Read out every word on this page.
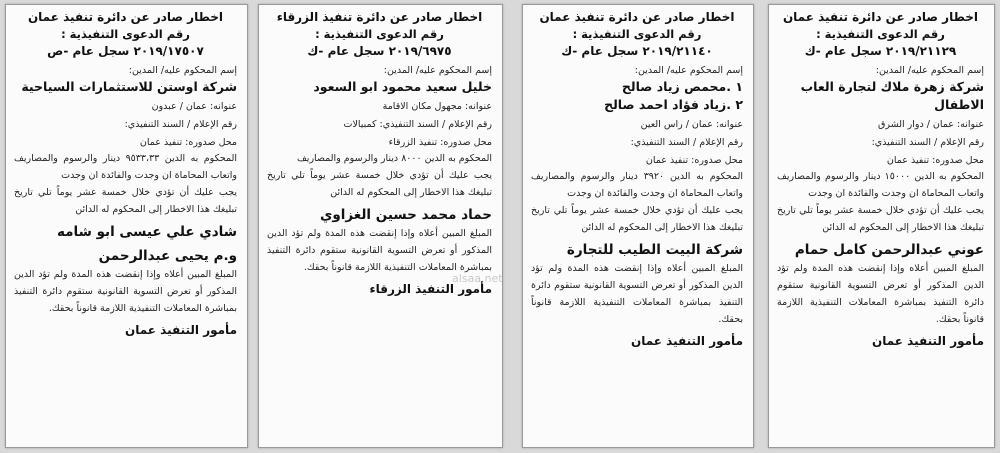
اخطار صادر عن دائرة تنفيذ عمان
رقم الدعوى التنفيذية :
٢٠١٩/٢١١٢٩ سجل عام -ك
إسم المحكوم عليه/ المدين:
شركة زهرة ملاك لتجارة العاب الاطفال
عنوانه: عمان / دوار الشرق
رقم الإعلام / السند التنفيذي:
محل صدوره: تنفيذ عمان
المحكوم به الدين ١٥٠٠٠ دينار والرسوم والمصاريف واتعاب المحاماة ان وجدت والفائدة ان وجدت
يجب عليك أن تؤدي خلال خمسة عشر يوماً تلي تاريخ تبليغك هذا الاخطار إلى المحكوم له الدائن
عوني عبدالرحمن كامل حمام
المبلغ المبين أعلاه وإذا إنقضت هذه المدة ولم تؤد الدين المذكور أو تعرض التسوية القانونية ستقوم دائرة التنفيذ بمباشرة المعاملات التنفيذية اللازمة قانوناً بحقك.
مأمور التنفيذ عمان
اخطار صادر عن دائرة تنفيذ عمان
رقم الدعوى التنفيذية :
٢٠١٩/٢١١٤٠ سجل عام -ك
إسم المحكوم عليه/ المدين:
١ .محمص زياد صالح
٢ .زياد فؤاد احمد صالح
عنوانه: عمان / راس العين
رقم الإعلام / السند التنفيذي:
محل صدوره: تنفيذ عمان
المحكوم به الدين ٣٩٢٠ دينار والرسوم والمصاريف واتعاب المحاماة ان وجدت والفائدة ان وجدت
يجب عليك أن تؤدي خلال خمسة عشر يوماً تلي تاريخ تبليغك هذا الاخطار إلى المحكوم له الدائن
شركة البيت الطيب للتجارة
المبلغ المبين أعلاه وإذا إنقضت هذه المدة ولم تؤد الدين المذكور أو تعرض التسوية القانونية ستقوم دائرة التنفيذ بمباشرة المعاملات التنفيذية اللازمة قانوناً بحقك.
مأمور التنفيذ عمان
اخطار صادر عن دائرة تنفيذ الزرقاء
رقم الدعوى التنفيذية :
٢٠١٩/٦٩٧٥ سجل عام -ك
إسم المحكوم عليه/ المدين:
خليل سعيد محمود ابو السعود
عنوانه: مجهول مكان الاقامة
رقم الإعلام / السند التنفيذي: كمبيالات
محل صدوره: تنفيذ الزرقاء
المحكوم به الدين ٨٠٠٠ دينار والرسوم والمصاريف
يجب عليك أن تؤدي خلال خمسة عشر يوماً تلي تاريخ تبليغك هذا الاخطار إلى المحكوم له الدائن
حماد محمد حسين الغزاوي
المبلغ المبين أعلاه وإذا إنقضت هذه المدة ولم تؤد الدين المذكور أو تعرض التسوية القانونية ستقوم دائرة التنفيذ بمباشرة المعاملات التنفيذية اللازمة قانوناً بحقك.
مأمور التنفيذ الزرقاء
اخطار صادر عن دائرة تنفيذ عمان
رقم الدعوى التنفيذية :
٢٠١٩/١٧٥٠٧ سجل عام -ص
إسم المحكوم عليه/ المدين:
شركة اوستن للاستثمارات السياحية
عنوانه: عمان / عبدون
رقم الإعلام / السند التنفيذي:
محل صدوره: تنفيذ عمان
المحكوم به الدين ٩٥٣٣،٣٣ دينار والرسوم والمصاريف واتعاب المحاماة ان وجدت والفائدة ان وجدت
يجب عليك أن تؤدي خلال خمسة عشر يوماً تلي تاريخ تبليغك هذا الاخطار إلى المحكوم له الدائن
شادي علي عيسى ابو شامه
و.م يحيى عبدالرحمن
المبلغ المبين أعلاه وإذا إنقضت هذه المدة ولم تؤد الدين المذكور أو تعرض التسوية القانونية ستقوم دائرة التنفيذ بمباشرة المعاملات التنفيذية اللازمة قانوناً بحقك.
مأمور التنفيذ عمان
alsaa.net
